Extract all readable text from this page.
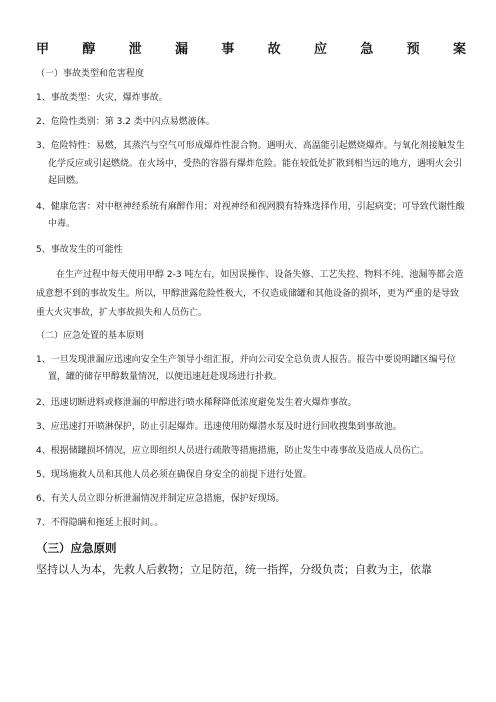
甲	醇	泄	漏	事	故	应	急	预	案

（一）事故类型和危害程度

1、事故类型：火灾，爆炸事故。

2、危险性类别：第 3.2 类中闪点易燃液体。

3、危险特性：易燃，其蒸汽与空气可形成爆炸性混合物。遇明火、高温能引起燃烧爆炸。与氧化剂接触发生化学反应或引起燃烧。在火场中，受热的容器有爆炸危险。能在较低处扩散到相当远的地方，遇明火会引起回燃。

4、健康危害：对中枢神经系统有麻醉作用；对视神经和视网膜有特殊选择作用，引起病变；可导致代谢性酸中毒。

5、事故发生的可能性

在生产过程中每天使用甲醇 2-3 吨左右，如因误操作、设备失修、工艺失控、物料不纯、池漏等都会造成意想不到的事故发生。所以，甲醇泄露危险性极大，不仅造成储罐和其他设备的损坏，更为严重的是导致重大火灾事故，扩大事故损失和人员伤亡。

（二）应急处置的基本原则

1、一旦发现泄漏应迅速向安全生产领导小组汇报，并向公司安全总负责人报告。报告中要说明罐区编号位置，罐的储存甲醇数量情况，以便迅速赶赴现场进行扑救。

2、迅速切断进料或修泄漏的甲醇进行喷水稀释降低浓度避免发生着火爆炸事故。

3、应迅速打开喷淋保护，防止引起爆炸。迅速使用防爆潜水泵及时进行回收搜集到事故池。

4、根据储罐损坏情况，应立即组织人员进行疏散等措施措施，防止发生中毒事故及造成人员伤亡。

5、现场施救人员和其他人员必须在确保自身安全的前提下进行处置。

6、有关人员立即分析泄漏情况并制定应急措施，保护好现场。

7、不得隐瞒和拖延上报时间。。

（三）应急原则

坚持以人为本，先救人后救物；立足防范，统一指挥，分级负责；自救为主，依靠
